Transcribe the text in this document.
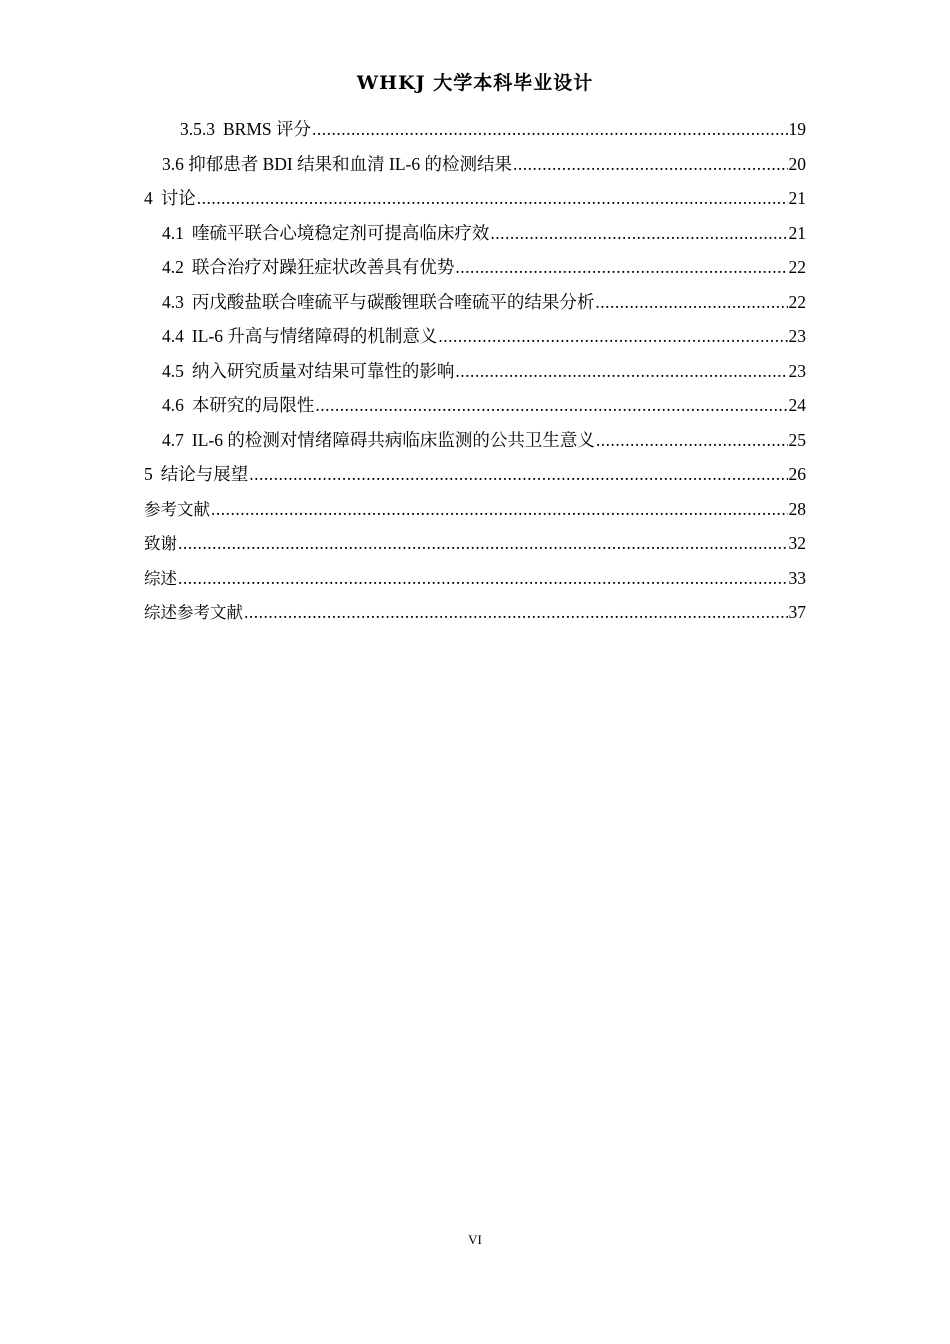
WHKJ 大学本科毕业设计
3.5.3 BRMS 评分 .....	19
3.6 抑郁患者 BDI 结果和血清 IL-6 的检测结果 .....	20
4 讨论 .....	21
4.1 喹硫平联合心境稳定剂可提高临床疗效 .....	21
4.2 联合治疗对躁狂症状改善具有优势 .....	22
4.3 丙戊酸盐联合喹硫平与碳酸锂联合喹硫平的结果分析 .....	22
4.4 IL-6 升高与情绪障碍的机制意义 .....	23
4.5 纳入研究质量对结果可靠性的影响 .....	23
4.6 本研究的局限性 .....	24
4.7 IL-6 的检测对情绪障碍共病临床监测的公共卫生意义 .....	25
5 结论与展望 .....	26
参考文献 .....	28
致谢 .....	32
综述 .....	33
综述参考文献 .....	37
VI
